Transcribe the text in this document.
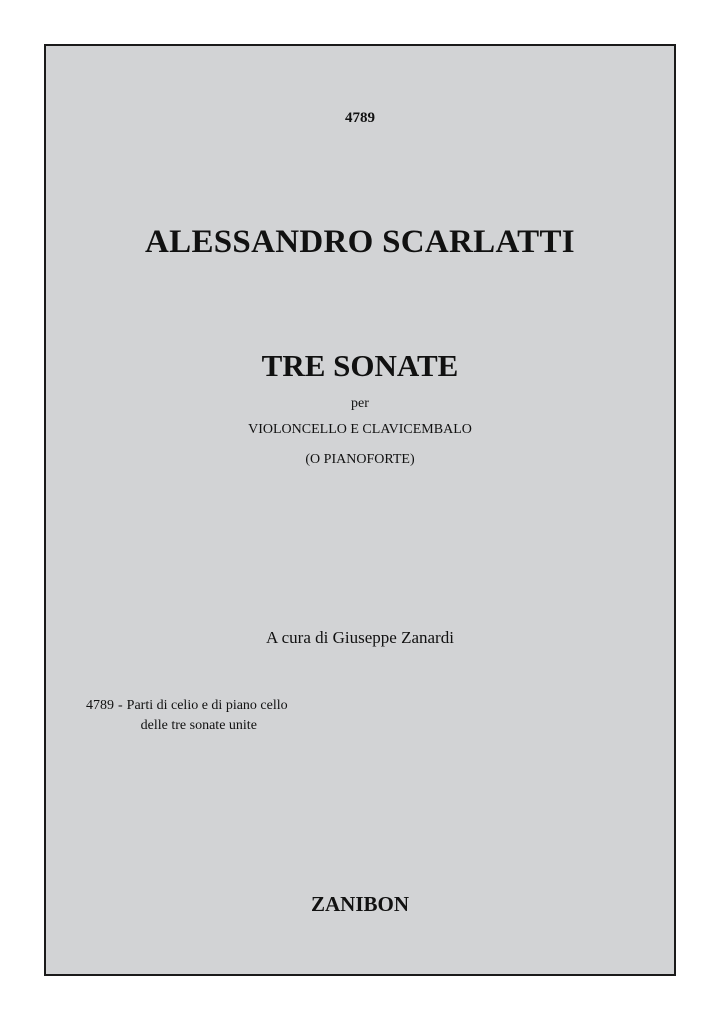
4789
ALESSANDRO SCARLATTI
TRE SONATE
per
VIOLONCELLO E CLAVICEMBALO
(O PIANOFORTE)
A cura di Giuseppe Zanardi
4789 - Parti di celio e di piano cello
delle tre sonate unite
ZANIBON
